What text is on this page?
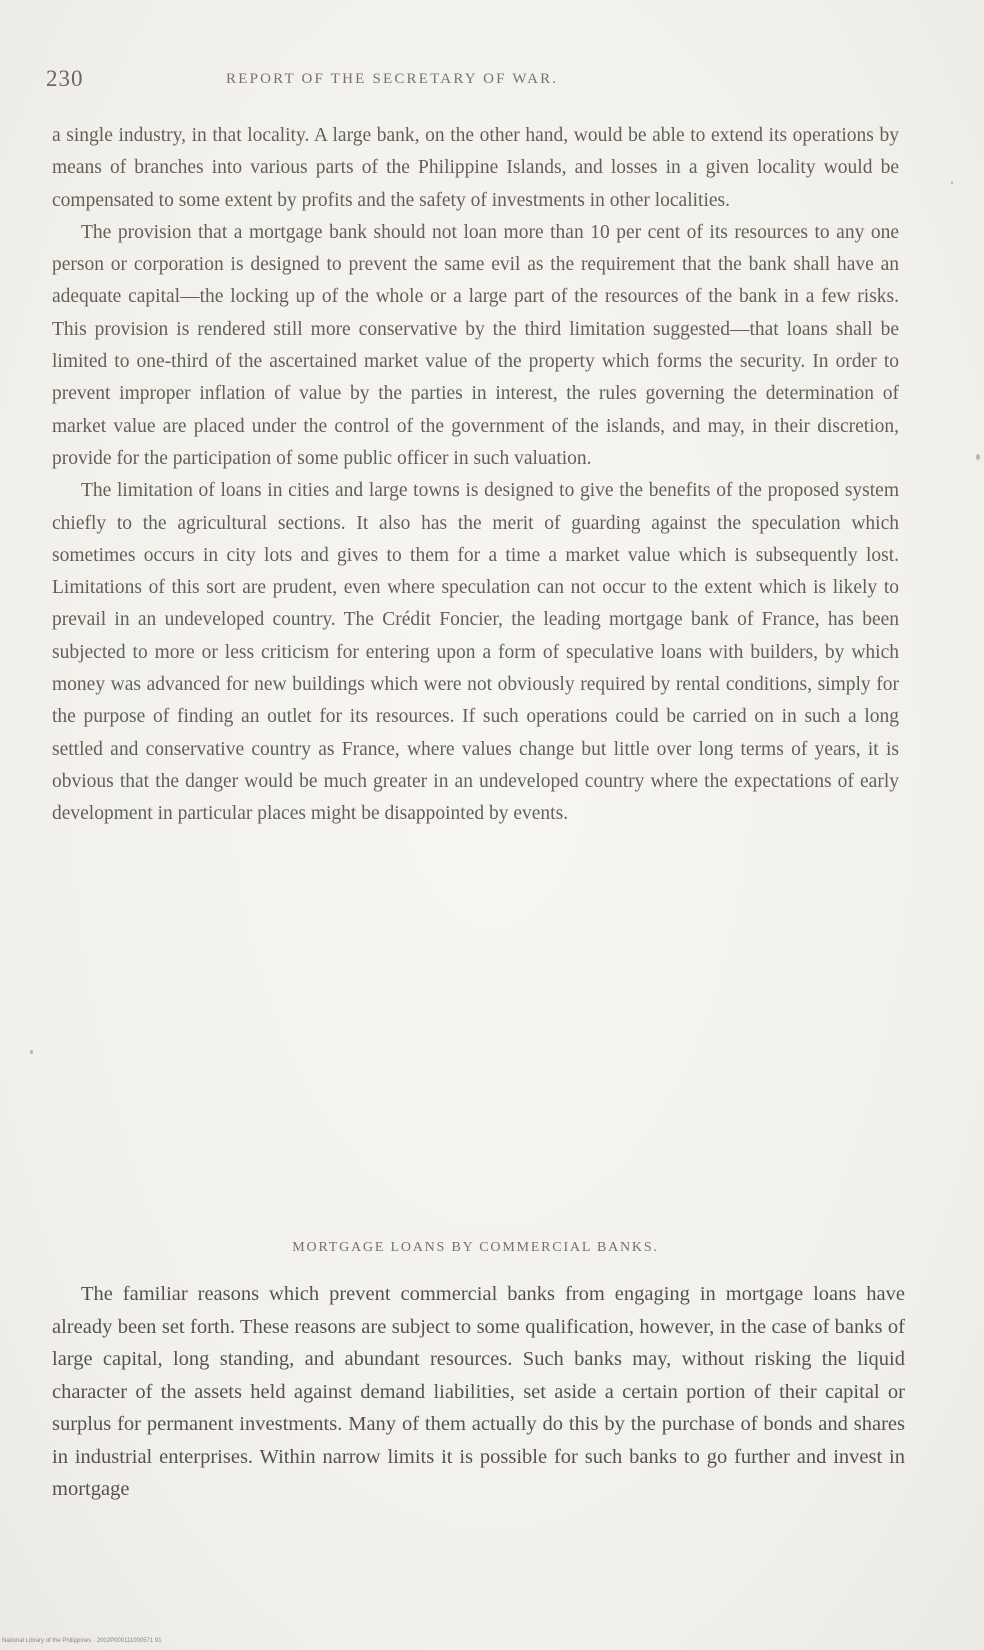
230	REPORT OF THE SECRETARY OF WAR.

a single industry, in that locality. A large bank, on the other hand, would be able to extend its operations by means of branches into various parts of the Philippine Islands, and losses in a given locality would be compensated to some extent by profits and the safety of investments in other localities.

The provision that a mortgage bank should not loan more than 10 per cent of its resources to any one person or corporation is designed to prevent the same evil as the requirement that the bank shall have an adequate capital—the locking up of the whole or a large part of the resources of the bank in a few risks. This provision is rendered still more conservative by the third limitation suggested—that loans shall be limited to one-third of the ascertained market value of the property which forms the security. In order to prevent improper inflation of value by the parties in interest, the rules governing the determination of market value are placed under the control of the government of the islands, and may, in their discretion, provide for the participation of some public officer in such valuation.

The limitation of loans in cities and large towns is designed to give the benefits of the proposed system chiefly to the agricultural sections. It also has the merit of guarding against the speculation which sometimes occurs in city lots and gives to them for a time a market value which is subsequently lost. Limitations of this sort are prudent, even where speculation can not occur to the extent which is likely to prevail in an undeveloped country. The Crédit Foncier, the leading mortgage bank of France, has been subjected to more or less criticism for entering upon a form of speculative loans with builders, by which money was advanced for new buildings which were not obviously required by rental conditions, simply for the purpose of finding an outlet for its resources. If such operations could be carried on in such a long settled and conservative country as France, where values change but little over long terms of years, it is obvious that the danger would be much greater in an undeveloped country where the expectations of early development in particular places might be disappointed by events.

MORTGAGE LOANS BY COMMERCIAL BANKS.

The familiar reasons which prevent commercial banks from engaging in mortgage loans have already been set forth. These reasons are subject to some qualification, however, in the case of banks of large capital, long standing, and abundant resources. Such banks may, without risking the liquid character of the assets held against demand liabilities, set aside a certain portion of their capital or surplus for permanent investments. Many of them actually do this by the purchase of bonds and shares in industrial enterprises. Within narrow limits it is possible for such banks to go further and invest in mortgage

National Library of the Philippines · 2002P000111000571 91
